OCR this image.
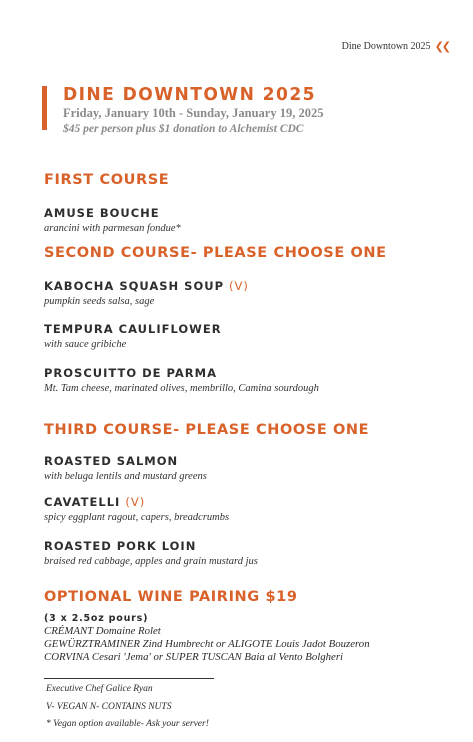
Dine Downtown 2025 ❮❮
DINE DOWNTOWN 2025
Friday, January 10th - Sunday, January 19, 2025
$45 per person plus $1 donation to Alchemist CDC
FIRST COURSE
AMUSE BOUCHE
arancini with parmesan fondue*
SECOND COURSE- PLEASE CHOOSE ONE
KABOCHA SQUASH SOUP (V)
pumpkin seeds salsa, sage
TEMPURA CAULIFLOWER
with sauce gribiche
PROSCUITTO DE PARMA
Mt. Tam cheese, marinated olives, membrillo, Camina sourdough
THIRD COURSE- PLEASE CHOOSE ONE
ROASTED SALMON
with beluga lentils and mustard greens
CAVATELLI (V)
spicy eggplant ragout, capers, breadcrumbs
ROASTED PORK LOIN
braised red cabbage, apples and grain mustard jus
OPTIONAL WINE PAIRING $19
(3 x 2.5oz pours)
CRÉMANT Domaine Rolet
GEWÜRZTRAMINER Zind Humbrecht or ALIGOTE Louis Jadot Bouzeron
CORVINA Cesari 'Jema' or SUPER TUSCAN Baia al Vento Bolgheri
Executive Chef Galice Ryan
V- VEGAN N- CONTAINS NUTS
* Vegan option available- Ask your server!
